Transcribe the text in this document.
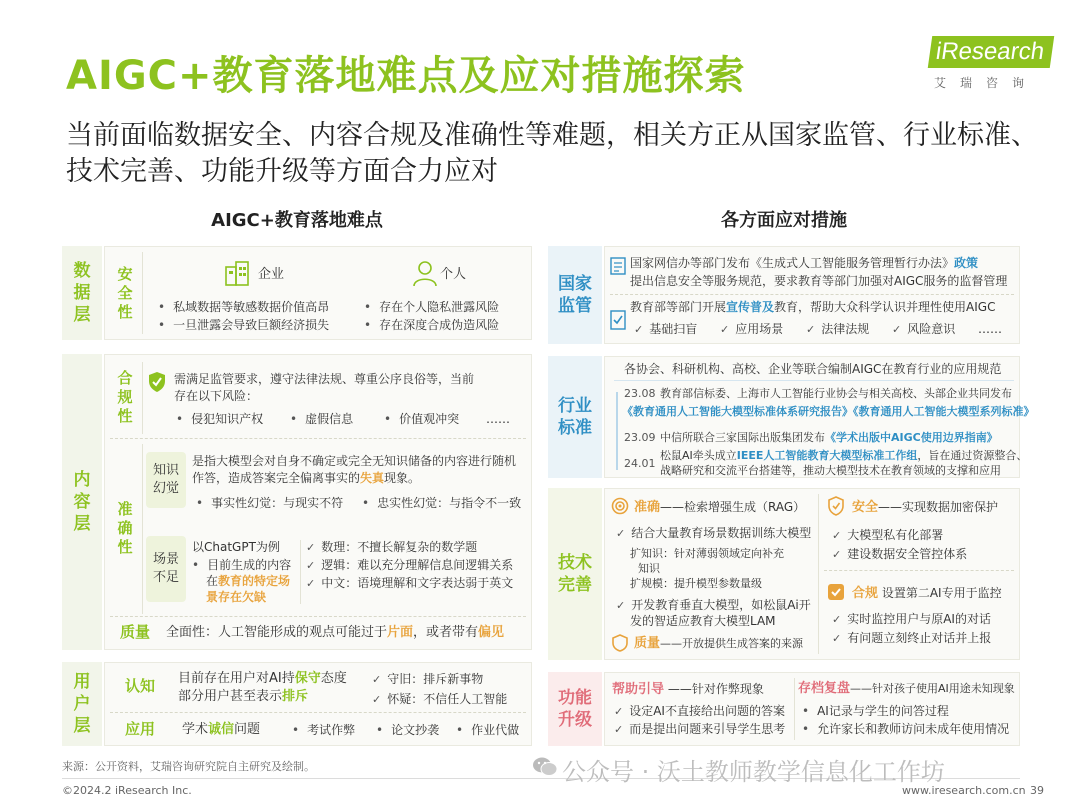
AIGC+教育落地难点及应对措施探索
当前面临数据安全、内容合规及准确性等难题，相关方正从国家监管、行业标准、技术完善、功能升级等方面合力应对
iResearch
艾瑞咨询
AIGC+教育落地难点	各方面应对措施
数据层
安全性
企业	个人
• 私域数据等敏感数据价值高昂
• 一旦泄露会导致巨额经济损失
• 存在个人隐私泄露风险
• 存在深度合成伪造风险
内容层
合规性
需满足监管要求，遵守法律法规、尊重公序良俗等，当前
存在以下风险：
• 侵犯知识产权	• 虚假信息	• 价值观冲突 ……
准确性
知识幻觉
是指大模型会对自身不确定或完全无知识储备的内容进行随机
作答，造成答案完全偏离事实的失真现象。
• 事实性幻觉：与现实不符	• 忠实性幻觉：与指令不一致
场景不足
以ChatGPT为例
• 目前生成的内容
在教育的特定场
景存在欠缺
✓ 数理：不擅长解复杂的数学题
✓ 逻辑：难以充分理解信息间逻辑关系
✓ 中文：语境理解和文字表达弱于英文
质量	全面性：人工智能形成的观点可能过于片面，或者带有偏见
用户层
认知	目前存在用户对AI持保守态度
部分用户甚至表示排斥
✓ 守旧：排斥新事物
✓ 怀疑：不信任人工智能
应用	学术诚信问题	• 考试作弊	• 论文抄袭	• 作业代做
国家监管
国家网信办等部门发布《生成式人工智能服务管理暂行办法》政策
提出信息安全等服务规范，要求教育等部门加强对AIGC服务的监督管理
教育部等部门开展宣传普及教育，帮助大众科学认识并理性使用AIGC
✓ 基础扫盲	✓ 应用场景	✓ 法律法规	✓ 风险意识 ……
行业标准
各协会、科研机构、高校、企业等联合编制AIGC在教育行业的应用规范
23.08 教育部信标委、上海市人工智能行业协会与相关高校、头部企业共同发布
《教育通用人工智能大模型标准体系研究报告》《教育通用人工智能大模型系列标准》
23.09 中信所联合三家国际出版集团发布《学术出版中AIGC使用边界指南》
24.01
松鼠AI牵头成立IEEE人工智能教育大模型标准工作组，旨在通过资源整合、
战略研究和交流平台搭建等，推动大模型技术在教育领域的支撑和应用
技术完善
准确——检索增强生成（RAG）
✓ 结合大量教育场景数据训练大模型
扩知识：针对薄弱领域定向补充
知识
扩规模：提升模型参数量级
✓ 开发教育垂直大模型，如松鼠Ai开
发的智适应教育大模型LAM
质量——开放提供生成答案的来源
安全——实现数据加密保护
✓ 大模型私有化部署
✓ 建设数据安全管控体系
合规 设置第二AI专用于监控
✓ 实时监控用户与原AI的对话
✓ 有问题立刻终止对话并上报
功能升级
帮助引导 ——针对作弊现象
✓ 设定AI不直接给出问题的答案
✓ 而是提出问题来引导学生思考
存档复盘——针对孩子使用AI用途未知现象
• AI记录与学生的问答过程
• 允许家长和教师访问未成年使用情况
来源：公开资料，艾瑞咨询研究院自主研究及绘制。
©2024.2 iResearch Inc.	www.iresearch.com.cn 39
公众号 · 沃土教师教学信息化工作坊
